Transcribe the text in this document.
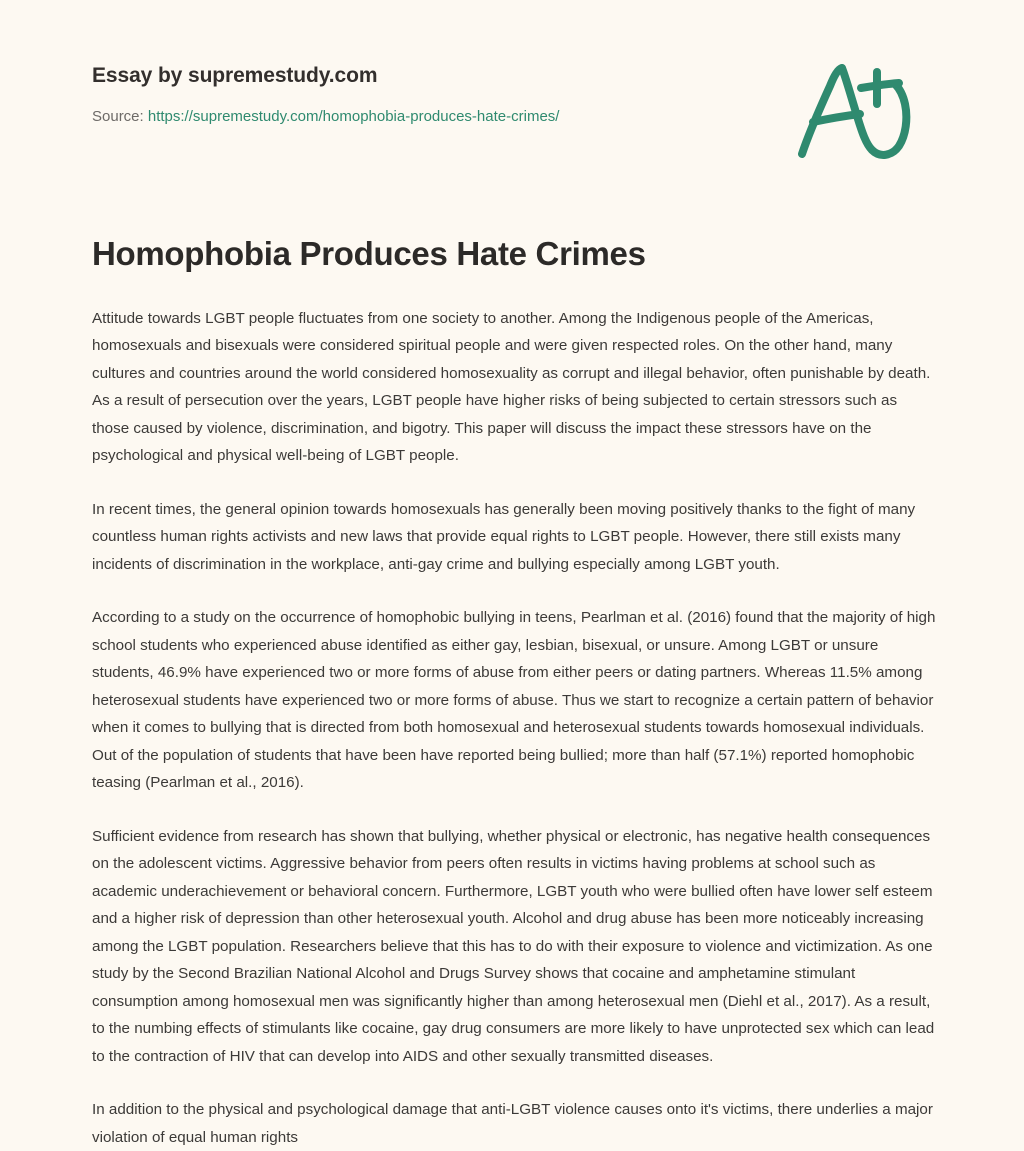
Essay by supremestudy.com
Source: https://supremestudy.com/homophobia-produces-hate-crimes/
Homophobia Produces Hate Crimes

Attitude towards LGBT people fluctuates from one society to another. Among the Indigenous people of the Americas, homosexuals and bisexuals were considered spiritual people and were given respected roles. On the other hand, many cultures and countries around the world considered homosexuality as corrupt and illegal behavior, often punishable by death. As a result of persecution over the years, LGBT people have higher risks of being subjected to certain stressors such as those caused by violence, discrimination, and bigotry. This paper will discuss the impact these stressors have on the psychological and physical well-being of LGBT people.

In recent times, the general opinion towards homosexuals has generally been moving positively thanks to the fight of many countless human rights activists and new laws that provide equal rights to LGBT people. However, there still exists many incidents of discrimination in the workplace, anti-gay crime and bullying especially among LGBT youth.

According to a study on the occurrence of homophobic bullying in teens, Pearlman et al. (2016) found that the majority of high school students who experienced abuse identified as either gay, lesbian, bisexual, or unsure. Among LGBT or unsure students, 46.9% have experienced two or more forms of abuse from either peers or dating partners. Whereas 11.5% among heterosexual students have experienced two or more forms of abuse. Thus we start to recognize a certain pattern of behavior when it comes to bullying that is directed from both homosexual and heterosexual students towards homosexual individuals. Out of the population of students that have been have reported being bullied; more than half (57.1%) reported homophobic teasing (Pearlman et al., 2016).

Sufficient evidence from research has shown that bullying, whether physical or electronic, has negative health consequences on the adolescent victims. Aggressive behavior from peers often results in victims having problems at school such as academic underachievement or behavioral concern. Furthermore, LGBT youth who were bullied often have lower self esteem and a higher risk of depression than other heterosexual youth. Alcohol and drug abuse has been more noticeably increasing among the LGBT population. Researchers believe that this has to do with their exposure to violence and victimization. As one study by the Second Brazilian National Alcohol and Drugs Survey shows that cocaine and amphetamine stimulant consumption among homosexual men was significantly higher than among heterosexual men (Diehl et al., 2017). As a result, to the numbing effects of stimulants like cocaine, gay drug consumers are more likely to have unprotected sex which can lead to the contraction of HIV that can develop into AIDS and other sexually transmitted diseases.

In addition to the physical and psychological damage that anti-LGBT violence causes onto it's victims, there underlies a major violation of equal human rights
